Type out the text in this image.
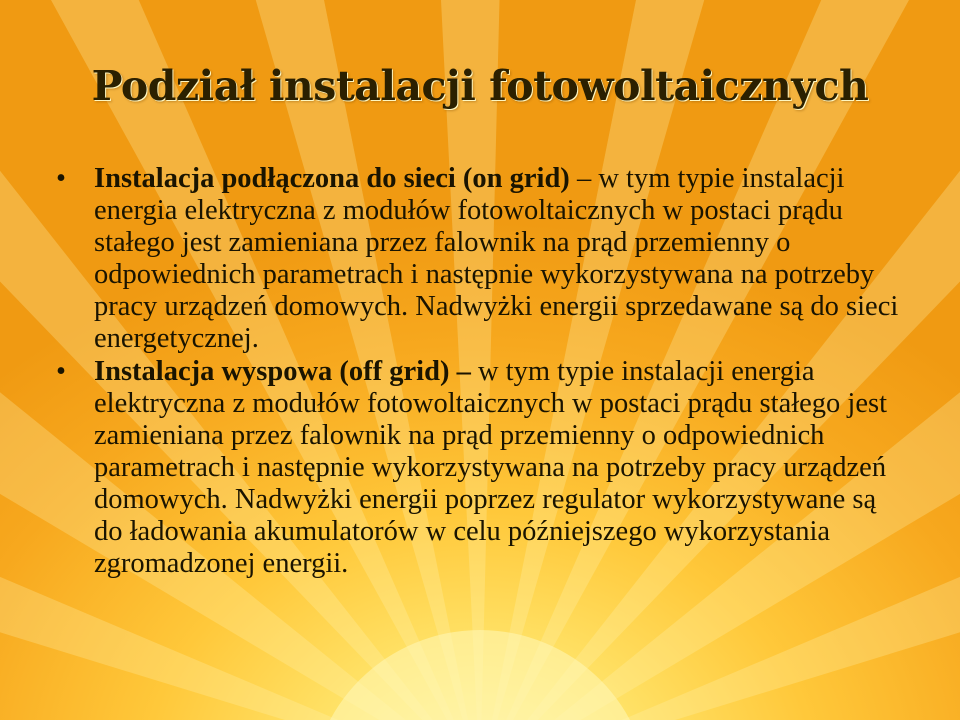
Podział instalacji fotowoltaicznych
• Instalacja podłączona do sieci (on grid) – w tym typie instalacji energia elektryczna z modułów fotowoltaicznych w postaci prądu stałego jest zamieniana przez falownik na prąd przemienny o odpowiednich parametrach i następnie wykorzystywana na potrzeby pracy urządzeń domowych. Nadwyżki energii sprzedawane są do sieci energetycznej.
• Instalacja wyspowa (off grid) – w tym typie instalacji energia elektryczna z modułów fotowoltaicznych w postaci prądu stałego jest zamieniana przez falownik na prąd przemienny o odpowiednich parametrach i następnie wykorzystywana na potrzeby pracy urządzeń domowych. Nadwyżki energii poprzez regulator wykorzystywane są do ładowania akumulatorów w celu późniejszego wykorzystania zgromadzonej energii.
